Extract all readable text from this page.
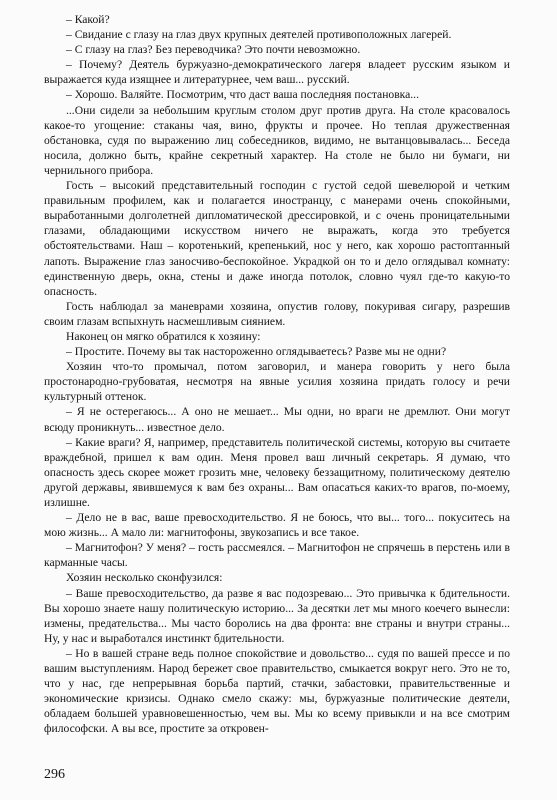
– Какой?

– Свидание с глазу на глаз двух крупных деятелей противоположных лагерей.

– С глазу на глаз? Без переводчика? Это почти невозможно.

– Почему? Деятель буржуазно-демократического лагеря владеет русским языком и выражается куда изящнее и литературнее, чем ваш... русский.

– Хорошо. Валяйте. Посмотрим, что даст ваша последняя постановка...

...Они сидели за небольшим круглым столом друг против друга. На столе красовалось какое-то угощение: стаканы чая, вино, фрукты и прочее. Но теплая дружественная обстановка, судя по выражению лиц собеседников, видимо, не вытанцовывалась... Беседа носила, должно быть, крайне секретный характер. На столе не было ни бумаги, ни чернильного прибора.

Гость – высокий представительный господин с густой седой шевелюрой и четким правильным профилем, как и полагается иностранцу, с манерами очень спокойными, выработанными долголетней дипломатической дрессировкой, и с очень проницательными глазами, обладающими искусством ничего не выражать, когда это требуется обстоятельствами. Наш – коротенький, крепенький, нос у него, как хорошо растоптанный лапоть. Выражение глаз заносчиво-беспокойное. Украдкой он то и дело оглядывал комнату: единственную дверь, окна, стены и даже иногда потолок, словно чуял где-то какую-то опасность.

Гость наблюдал за маневрами хозяина, опустив голову, покуривая сигару, разрешив своим глазам вспыхнуть насмешливым сиянием.

Наконец он мягко обратился к хозяину:

– Простите. Почему вы так настороженно оглядываетесь? Разве мы не одни?

Хозяин что-то промычал, потом заговорил, и манера говорить у него была простонародно-грубоватая, несмотря на явные усилия хозяина придать голосу и речи культурный оттенок.

– Я не остерегаюсь... А оно не мешает... Мы одни, но враги не дремлют. Они могут всюду проникнуть... известное дело.

– Какие враги? Я, например, представитель политической системы, которую вы считаете враждебной, пришел к вам один. Меня провел ваш личный секретарь. Я думаю, что опасность здесь скорее может грозить мне, человеку беззащитному, политическому деятелю другой державы, явившемуся к вам без охраны... Вам опасаться каких-то врагов, по-моему, излишне.

– Дело не в вас, ваше превосходительство. Я не боюсь, что вы... того... покуситесь на мою жизнь... А мало ли: магнитофоны, звукозапись и все такое.

– Магнитофон? У меня? – гость рассмеялся. – Магнитофон не спрячешь в перстень или в карманные часы.

Хозяин несколько сконфузился:

– Ваше превосходительство, да разве я вас подозреваю... Это привычка к бдительности. Вы хорошо знаете нашу политическую историю... За десятки лет мы много коечего вынесли: измены, предательства... Мы часто боролись на два фронта: вне страны и внутри страны... Ну, у нас и выработался инстинкт бдительности.

– Но в вашей стране ведь полное спокойствие и довольство... судя по вашей прессе и по вашим выступлениям. Народ бережет свое правительство, смыкается вокруг него. Это не то, что у нас, где непрерывная борьба партий, стачки, забастовки, правительственные и экономические кризисы. Однако смело скажу: мы, буржуазные политические деятели, обладаем большей уравновешенностью, чем вы. Мы ко всему привыкли и на все смотрим философски. А вы все, простите за откровен-

296
